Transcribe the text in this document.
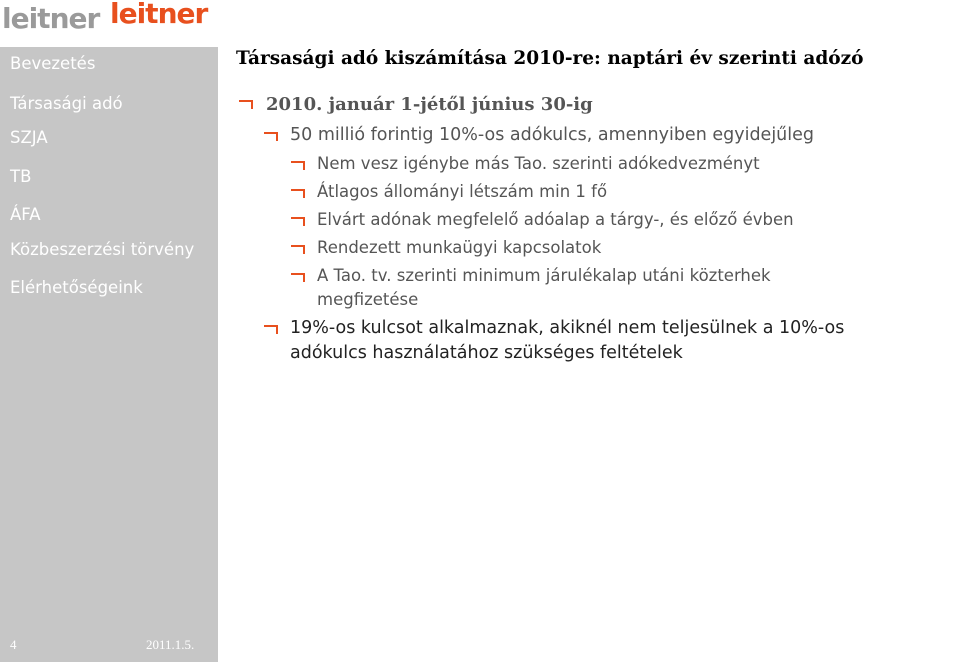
leitner leitner
Bevezetés
Társasági adó
SZJA
TB
ÁFA
Közbeszerzési törvény
Elérhetőségeink
4	2011.1.5.
Társasági adó kiszámítása 2010-re: naptári év szerinti adózó
2010. január 1-jétől június 30-ig
50 millió forintig 10%-os adókulcs, amennyiben egyidejűleg
Nem vesz igénybe más Tao. szerinti adókedvezményt
Átlagos állományi létszám min 1 fő
Elvárt adónak megfelelő adóalap a tárgy-, és előző évben
Rendezett munkaügyi kapcsolatok
A Tao. tv. szerinti minimum járulékalap utáni közterhek
megfizetése
19%-os kulcsot alkalmaznak, akiknél nem teljesülnek a 10%-os
adókulcs használatához szükséges feltételek
